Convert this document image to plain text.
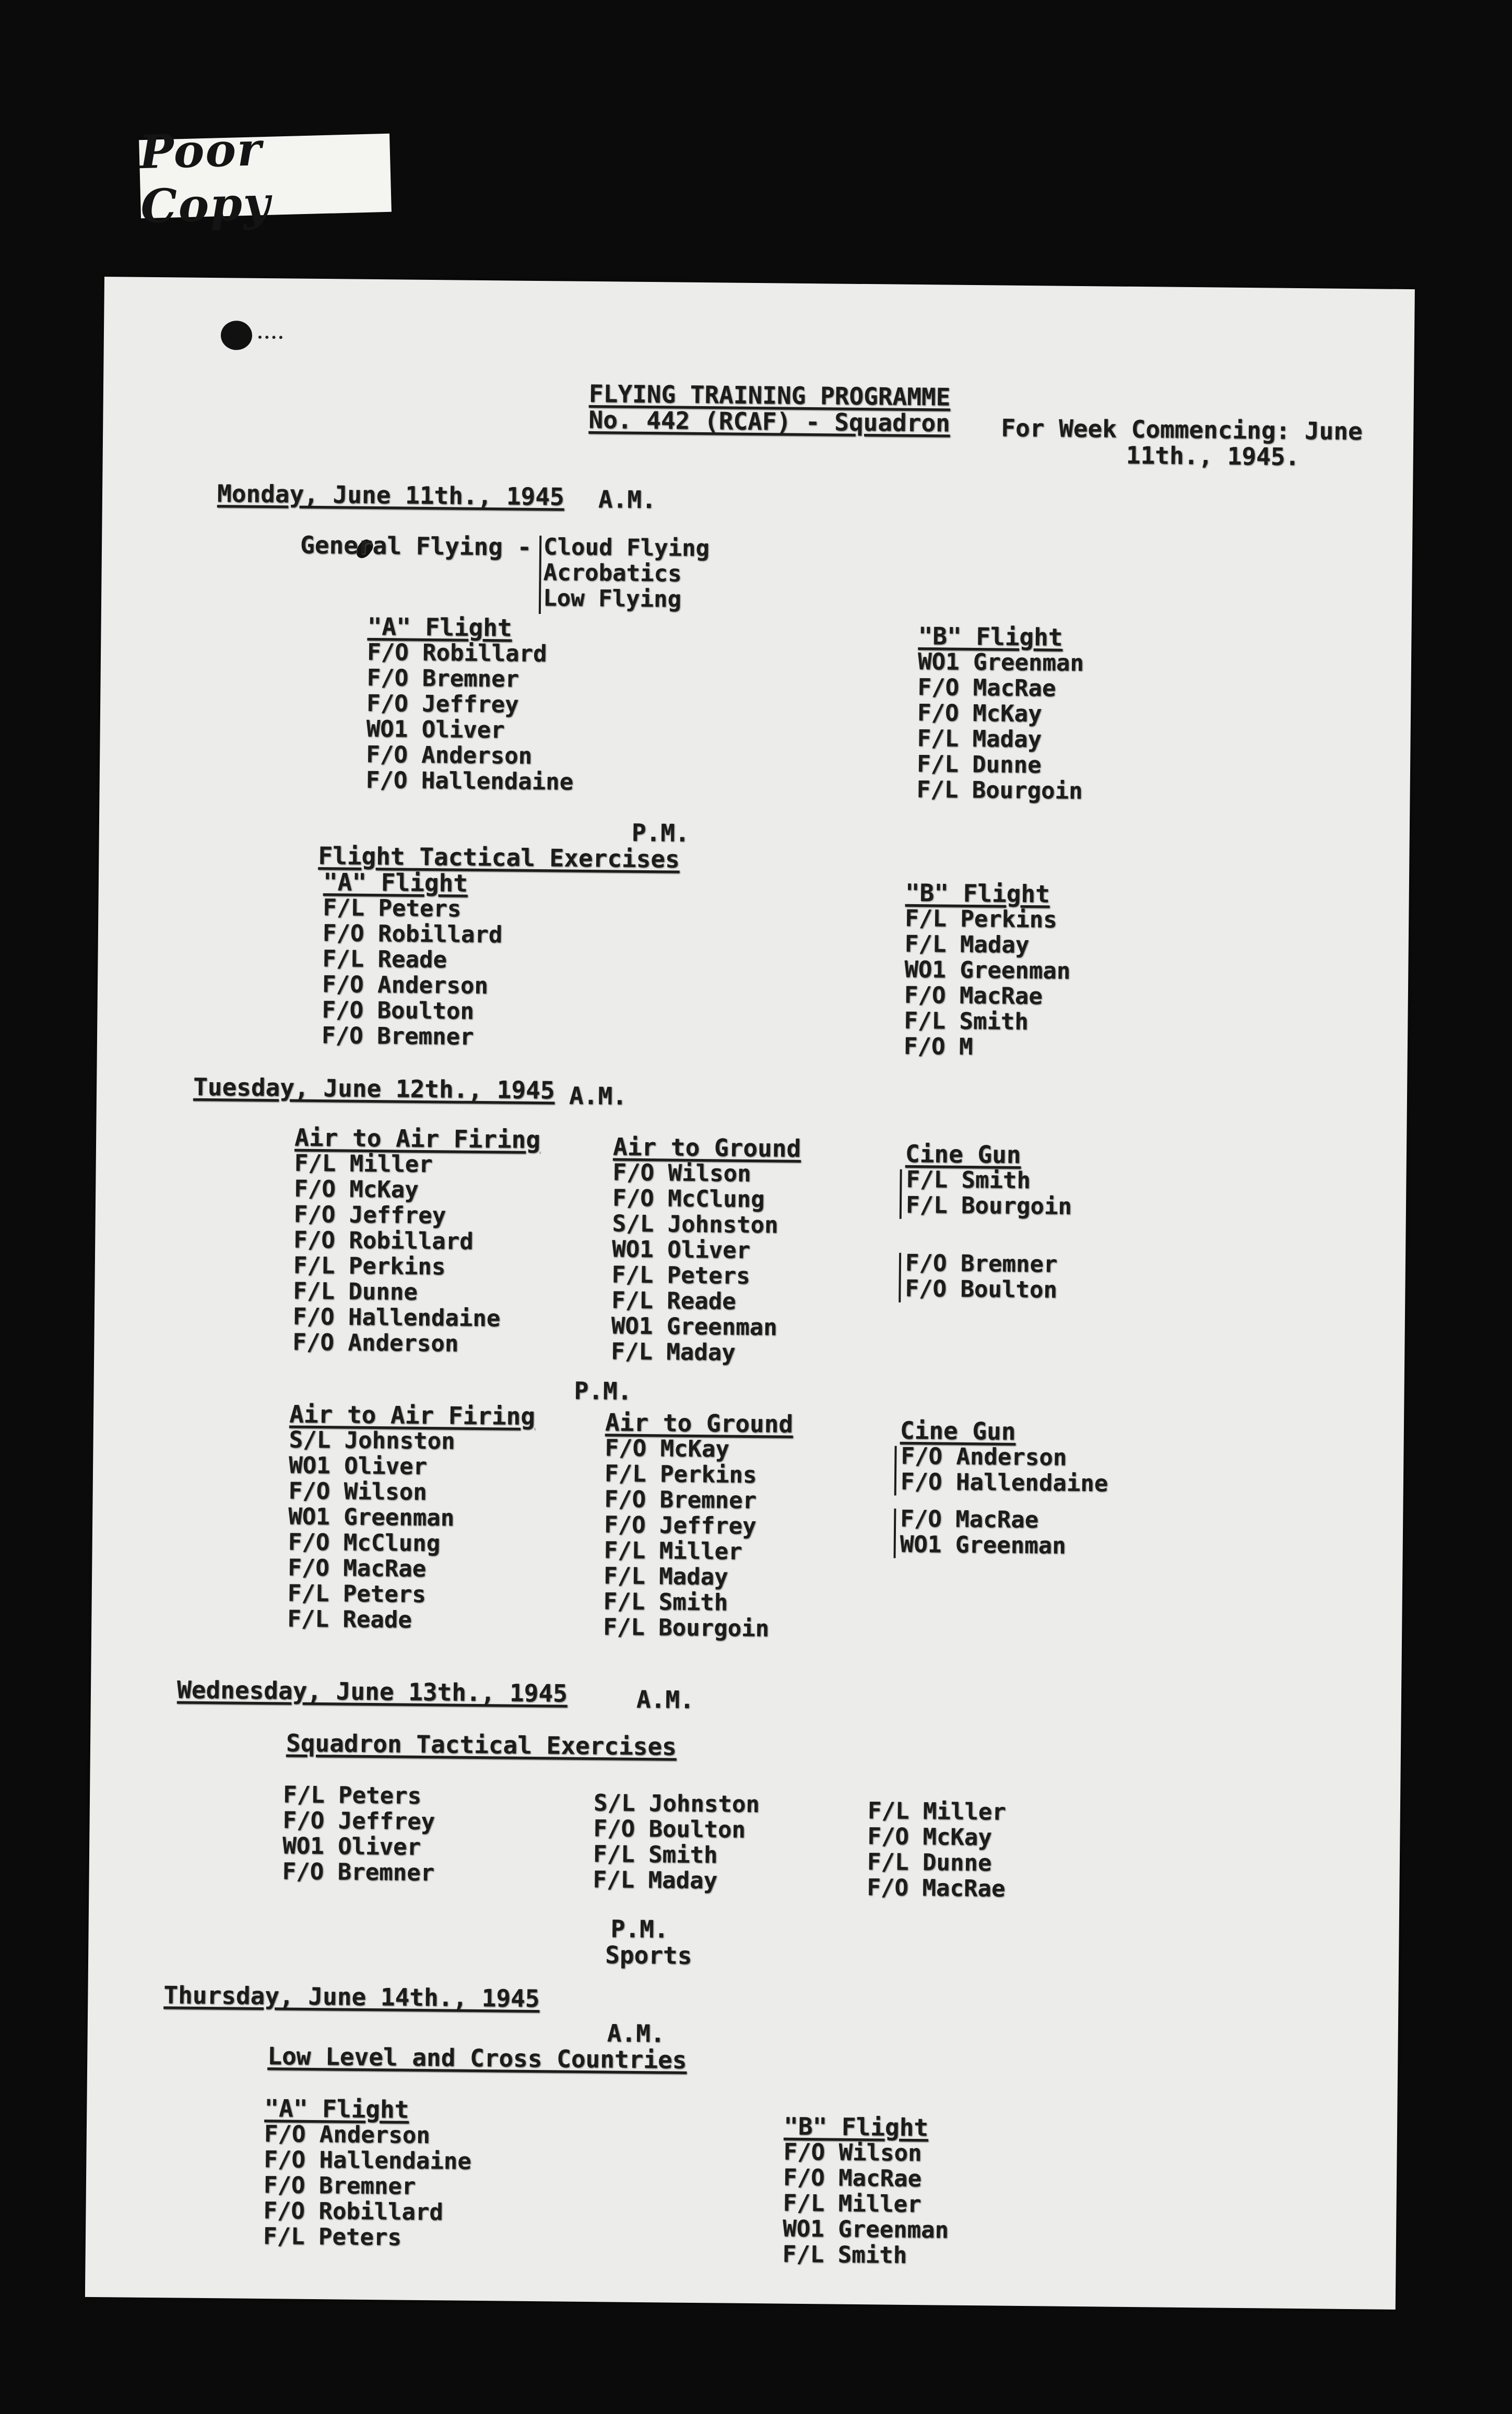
Poor Copy
FLYING TRAINING PROGRAMME
No. 442 (RCAF) - Squadron For Week Commencing: June
11th., 1945.
Monday, June 11th., 1945 A.M.
General Flying - Cloud Flying
Acrobatics
Low Flying
"A" Flight
F/O Robillard
F/O Bremner
F/O Jeffrey
WO1 Oliver
F/O Anderson
F/O Hallendaine
"B" Flight
WO1 Greenman
F/O MacRae
F/O McKay
F/L Maday
F/L Dunne
F/L Bourgoin
P.M.
Flight Tactical Exercises
"A" Flight
F/L Peters
F/O Robillard
F/L Reade
F/O Anderson
F/O Boulton
F/O Bremner
"B" Flight
F/L Perkins
F/L Maday
WO1 Greenman
F/O MacRae
F/L Smith
F/O M
Tuesday, June 12th., 1945 A.M.
Air to Air Firing
F/L Miller
F/O McKay
F/O Jeffrey
F/O Robillard
F/L Perkins
F/L Dunne
F/O Hallendaine
F/O Anderson
Air to Ground
F/O Wilson
F/O McClung
S/L Johnston
WO1 Oliver
F/L Peters
F/L Reade
WO1 Greenman
F/L Maday
Cine Gun
F/L Smith
F/L Bourgoin
F/O Bremner
F/O Boulton
P.M.
Air to Air Firing
S/L Johnston
WO1 Oliver
F/O Wilson
WO1 Greenman
F/O McClung
F/O MacRae
F/L Peters
F/L Reade
Air to Ground
F/O McKay
F/L Perkins
F/O Bremner
F/O Jeffrey
F/L Miller
F/L Maday
F/L Smith
F/L Bourgoin
Cine Gun
F/O Anderson
F/O Hallendaine
F/O MacRae
WO1 Greenman
Wednesday, June 13th., 1945	A.M.
Squadron Tactical Exercises
F/L Peters
F/O Jeffrey
WO1 Oliver
F/O Bremner
S/L Johnston
F/O Boulton
F/L Smith
F/L Maday
F/L Miller
F/O McKay
F/L Dunne
F/O MacRae
P.M.
Sports
Thursday, June 14th., 1945
A.M.
Low Level and Cross Countries
"A" Flight
F/O Anderson
F/O Hallendaine
F/O Bremner
F/O Robillard
F/L Peters
"B" Flight
F/O Wilson
F/O MacRae
F/L Miller
WO1 Greenman
F/L Smith
